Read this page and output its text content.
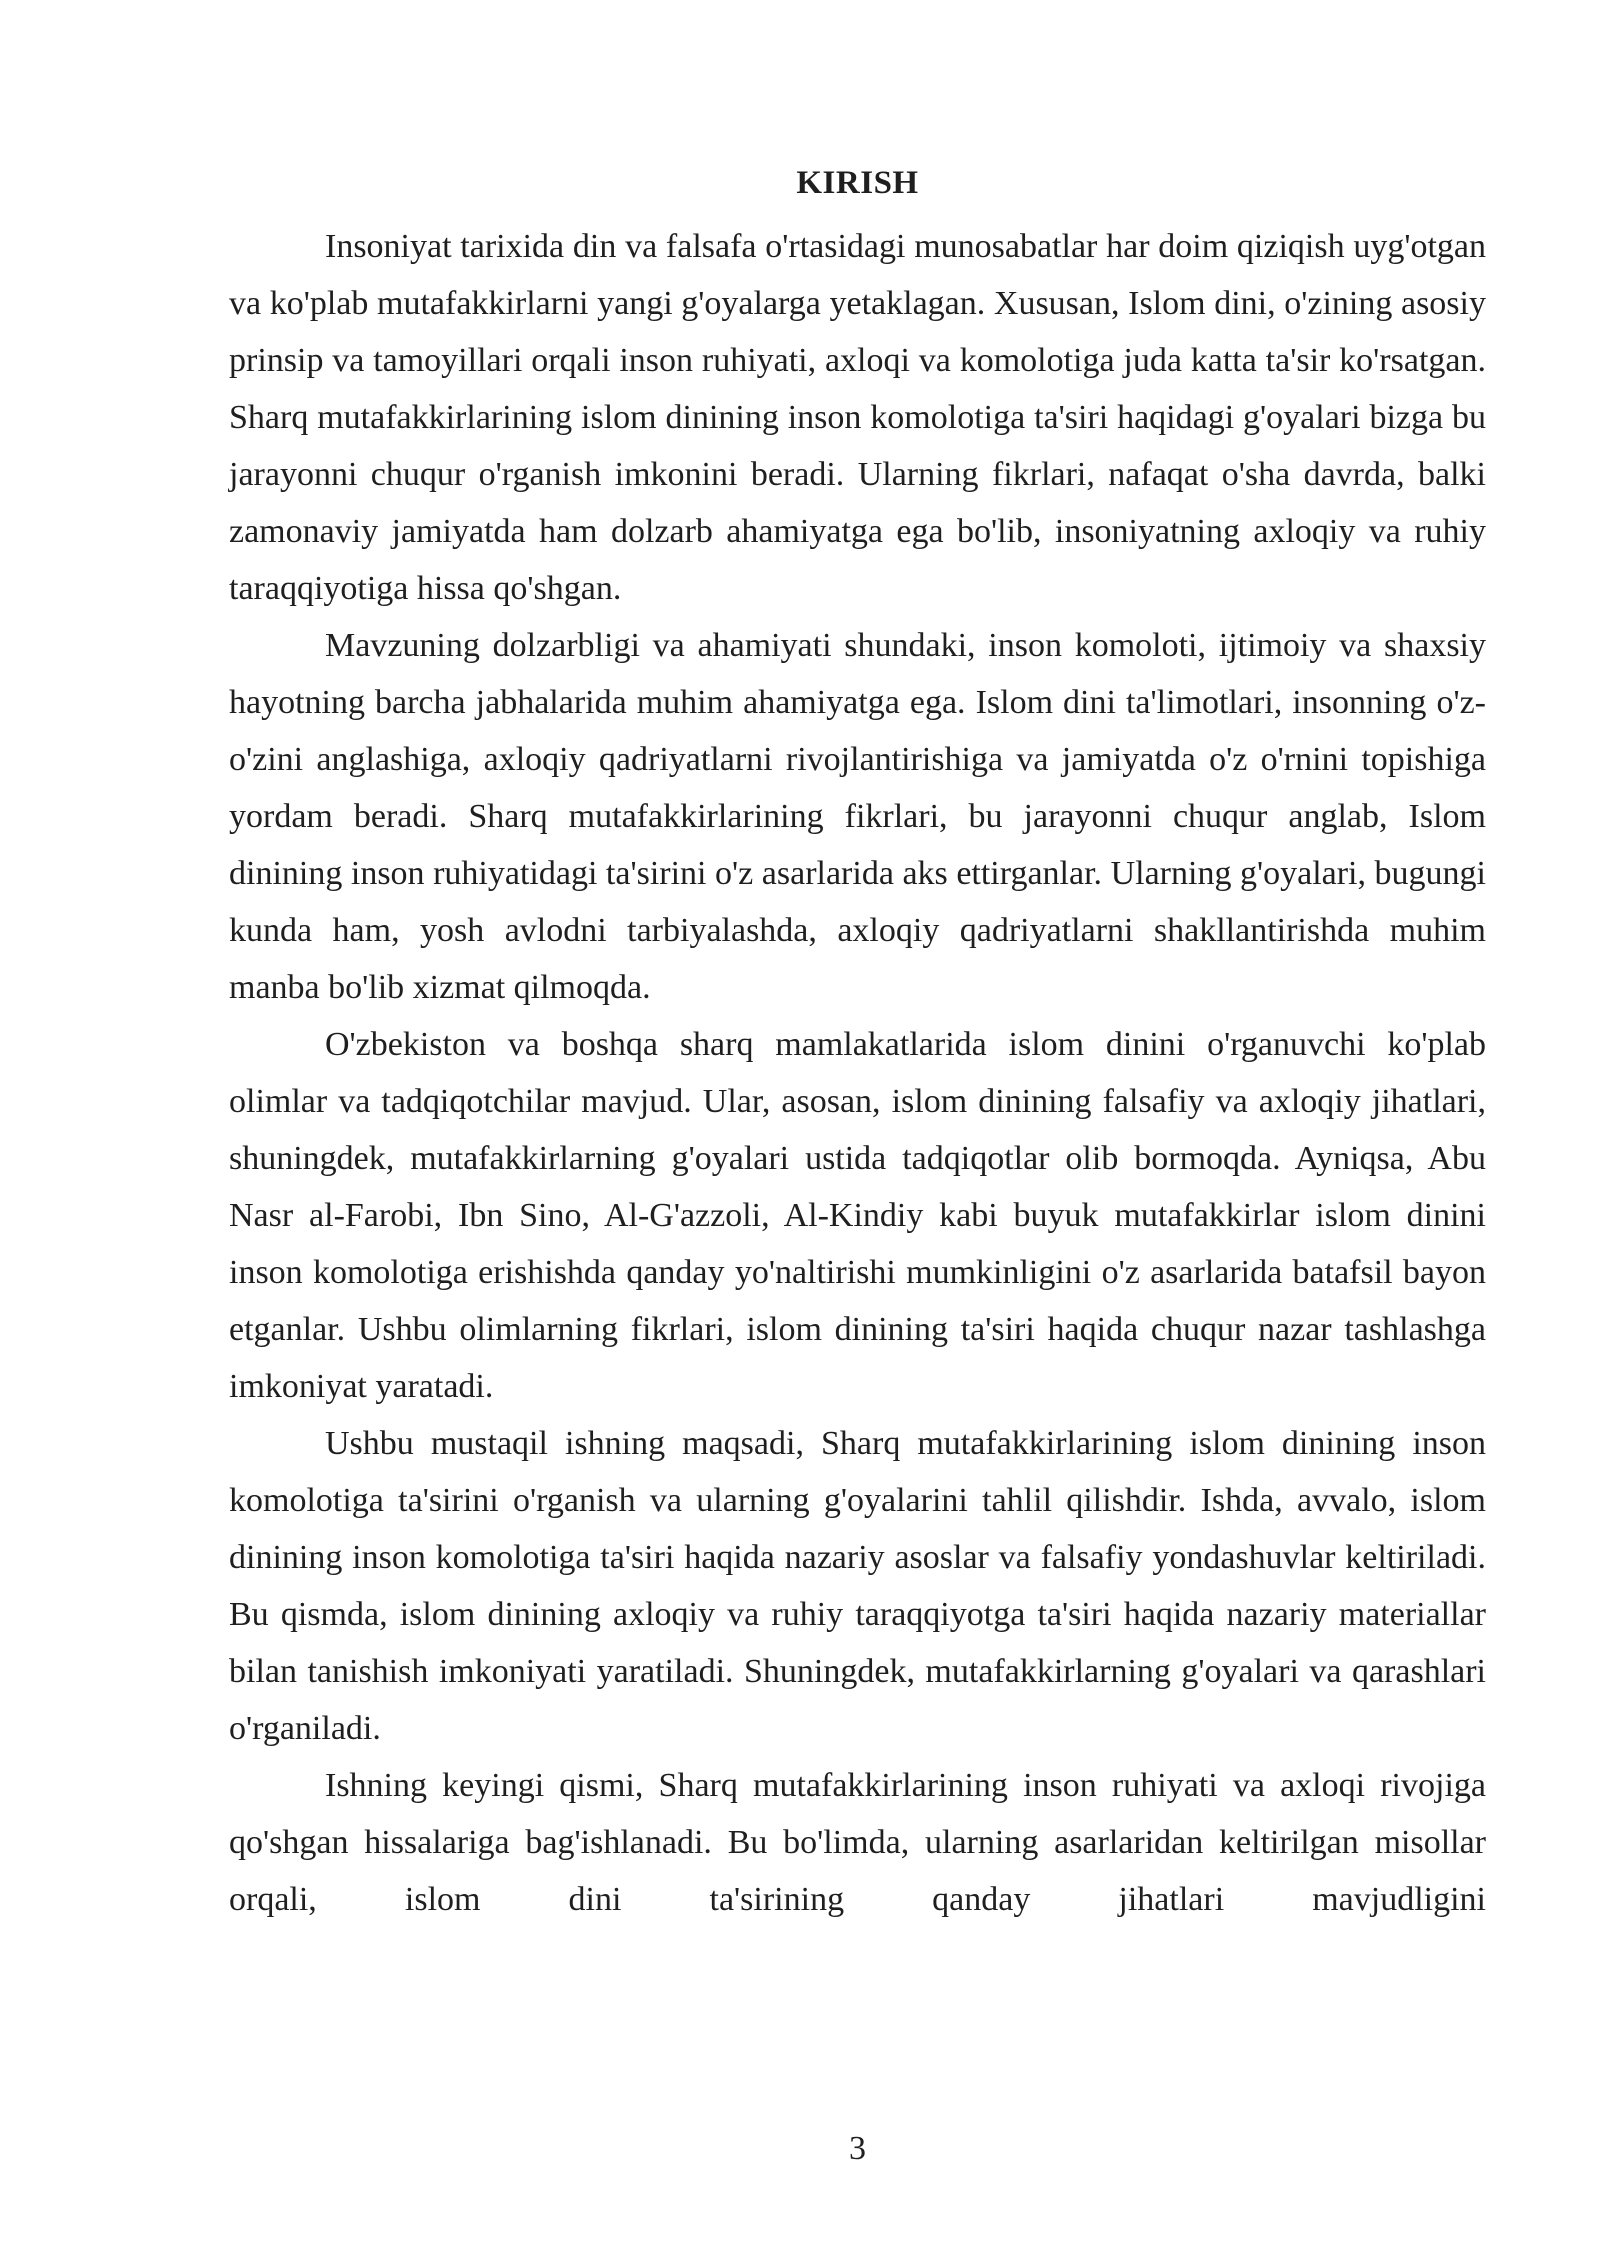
KIRISH

Insoniyat tarixida din va falsafa o'rtasidagi munosabatlar har doim qiziqish uyg'otgan va ko'plab mutafakkirlarni yangi g'oyalarga yetaklagan. Xususan, Islom dini, o'zining asosiy prinsip va tamoyillari orqali inson ruhiyati, axloqi va komolotiga juda katta ta'sir ko'rsatgan. Sharq mutafakkirlarining islom dinining inson komolotiga ta'siri haqidagi g'oyalari bizga bu jarayonni chuqur o'rganish imkonini beradi. Ularning fikrlari, nafaqat o'sha davrda, balki zamonaviy jamiyatda ham dolzarb ahamiyatga ega bo'lib, insoniyatning axloqiy va ruhiy taraqqiyotiga hissa qo'shgan.

Mavzuning dolzarbligi va ahamiyati shundaki, inson komoloti, ijtimoiy va shaxsiy hayotning barcha jabhalarida muhim ahamiyatga ega. Islom dini ta'limotlari, insonning o'z-o'zini anglashiga, axloqiy qadriyatlarni rivojlantirishiga va jamiyatda o'z o'rnini topishiga yordam beradi. Sharq mutafakkirlarining fikrlari, bu jarayonni chuqur anglab, Islom dinining inson ruhiyatidagi ta'sirini o'z asarlarida aks ettirganlar. Ularning g'oyalari, bugungi kunda ham, yosh avlodni tarbiyalashda, axloqiy qadriyatlarni shakllantirishda muhim manba bo'lib xizmat qilmoqda.

O'zbekiston va boshqa sharq mamlakatlarida islom dinini o'rganuvchi ko'plab olimlar va tadqiqotchilar mavjud. Ular, asosan, islom dinining falsafiy va axloqiy jihatlari, shuningdek, mutafakkirlarning g'oyalari ustida tadqiqotlar olib bormoqda. Ayniqsa, Abu Nasr al-Farobi, Ibn Sino, Al-G'azzoli, Al-Kindiy kabi buyuk mutafakkirlar islom dinini inson komolotiga erishishda qanday yo'naltirishi mumkinligini o'z asarlarida batafsil bayon etganlar. Ushbu olimlarning fikrlari, islom dinining ta'siri haqida chuqur nazar tashlashga imkoniyat yaratadi.

Ushbu mustaqil ishning maqsadi, Sharq mutafakkirlarining islom dinining inson komolotiga ta'sirini o'rganish va ularning g'oyalarini tahlil qilishdir. Ishda, avvalo, islom dinining inson komolotiga ta'siri haqida nazariy asoslar va falsafiy yondashuvlar keltiriladi. Bu qismda, islom dinining axloqiy va ruhiy taraqqiyotga ta'siri haqida nazariy materiallar bilan tanishish imkoniyati yaratiladi. Shuningdek, mutafakkirlarning g'oyalari va qarashlari o'rganiladi.

Ishning keyingi qismi, Sharq mutafakkirlarining inson ruhiyati va axloqi rivojiga qo'shgan hissalariga bag'ishlanadi. Bu bo'limda, ularning asarlaridan keltirilgan misollar orqali, islom dini ta'sirining qanday jihatlari mavjudligini

3
